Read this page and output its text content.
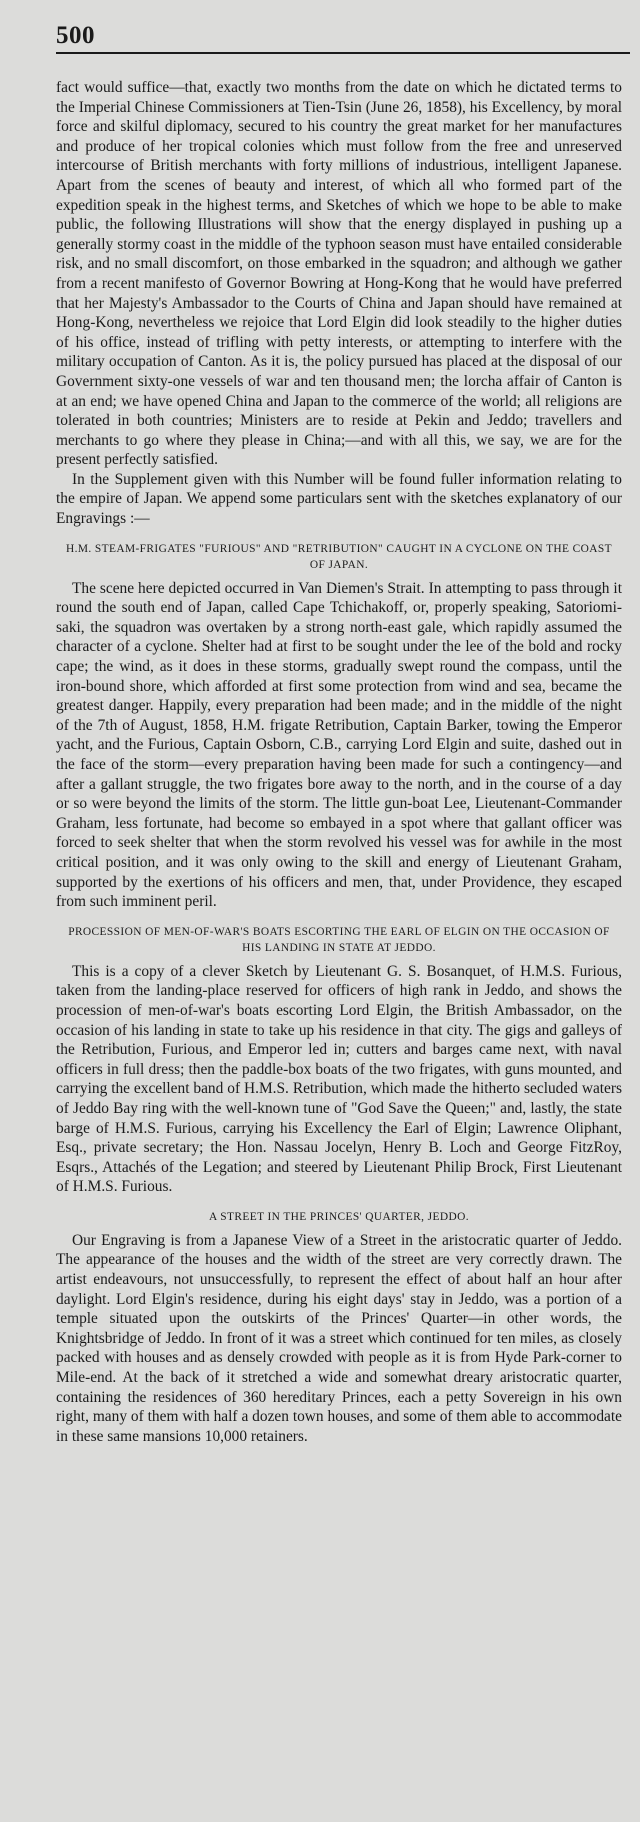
500

fact would suffice—that, exactly two months from the date on which he dictated terms to the Imperial Chinese Commissioners at Tien-Tsin (June 26, 1858), his Excellency, by moral force and skilful diplomacy, secured to his country the great market for her manufactures and produce of her tropical colonies which must follow from the free and unreserved intercourse of British merchants with forty millions of industrious, intelligent Japanese. Apart from the scenes of beauty and interest, of which all who formed part of the expedition speak in the highest terms, and Sketches of which we hope to be able to make public, the following Illustrations will show that the energy displayed in pushing up a generally stormy coast in the middle of the typhoon season must have entailed considerable risk, and no small discomfort, on those embarked in the squadron; and although we gather from a recent manifesto of Governor Bowring at Hong-Kong that he would have preferred that her Majesty's Ambassador to the Courts of China and Japan should have remained at Hong-Kong, nevertheless we rejoice that Lord Elgin did look steadily to the higher duties of his office, instead of trifling with petty interests, or attempting to interfere with the military occupation of Canton. As it is, the policy pursued has placed at the disposal of our Government sixty-one vessels of war and ten thousand men; the lorcha affair of Canton is at an end; we have opened China and Japan to the commerce of the world; all religions are tolerated in both countries; Ministers are to reside at Pekin and Jeddo; travellers and merchants to go where they please in China;—and with all this, we say, we are for the present perfectly satisfied.

In the Supplement given with this Number will be found fuller information relating to the empire of Japan. We append some particulars sent with the sketches explanatory of our Engravings :—

H.M. STEAM-FRIGATES "FURIOUS" AND "RETRIBUTION" CAUGHT IN A CYCLONE ON THE COAST OF JAPAN.

The scene here depicted occurred in Van Diemen's Strait. In attempting to pass through it round the south end of Japan, called Cape Tchichakoff, or, properly speaking, Satoriomi-saki, the squadron was overtaken by a strong north-east gale, which rapidly assumed the character of a cyclone. Shelter had at first to be sought under the lee of the bold and rocky cape; the wind, as it does in these storms, gradually swept round the compass, until the iron-bound shore, which afforded at first some protection from wind and sea, became the greatest danger. Happily, every preparation had been made; and in the middle of the night of the 7th of August, 1858, H.M. frigate Retribution, Captain Barker, towing the Emperor yacht, and the Furious, Captain Osborn, C.B., carrying Lord Elgin and suite, dashed out in the face of the storm—every preparation having been made for such a contingency—and after a gallant struggle, the two frigates bore away to the north, and in the course of a day or so were beyond the limits of the storm. The little gun-boat Lee, Lieutenant-Commander Graham, less fortunate, had become so embayed in a spot where that gallant officer was forced to seek shelter that when the storm revolved his vessel was for awhile in the most critical position, and it was only owing to the skill and energy of Lieutenant Graham, supported by the exertions of his officers and men, that, under Providence, they escaped from such imminent peril.

PROCESSION OF MEN-OF-WAR'S BOATS ESCORTING THE EARL OF ELGIN ON THE OCCASION OF HIS LANDING IN STATE AT JEDDO.

This is a copy of a clever Sketch by Lieutenant G. S. Bosanquet, of H.M.S. Furious, taken from the landing-place reserved for officers of high rank in Jeddo, and shows the procession of men-of-war's boats escorting Lord Elgin, the British Ambassador, on the occasion of his landing in state to take up his residence in that city. The gigs and galleys of the Retribution, Furious, and Emperor led in; cutters and barges came next, with naval officers in full dress; then the paddle-box boats of the two frigates, with guns mounted, and carrying the excellent band of H.M.S. Retribution, which made the hitherto secluded waters of Jeddo Bay ring with the well-known tune of "God Save the Queen;" and, lastly, the state barge of H.M.S. Furious, carrying his Excellency the Earl of Elgin; Lawrence Oliphant, Esq., private secretary; the Hon. Nassau Jocelyn, Henry B. Loch and George FitzRoy, Esqrs., Attachés of the Legation; and steered by Lieutenant Philip Brock, First Lieutenant of H.M.S. Furious.

A STREET IN THE PRINCES' QUARTER, JEDDO.

Our Engraving is from a Japanese View of a Street in the aristocratic quarter of Jeddo. The appearance of the houses and the width of the street are very correctly drawn. The artist endeavours, not unsuccessfully, to represent the effect of about half an hour after daylight. Lord Elgin's residence, during his eight days' stay in Jeddo, was a portion of a temple situated upon the outskirts of the Princes' Quarter—in other words, the Knightsbridge of Jeddo. In front of it was a street which continued for ten miles, as closely packed with houses and as densely crowded with people as it is from Hyde Park-corner to Mile-end. At the back of it stretched a wide and somewhat dreary aristocratic quarter, containing the residences of 360 hereditary Princes, each a petty Sovereign in his own right, many of them with half a dozen town houses, and some of them able to accommodate in these same mansions 10,000 retainers.
